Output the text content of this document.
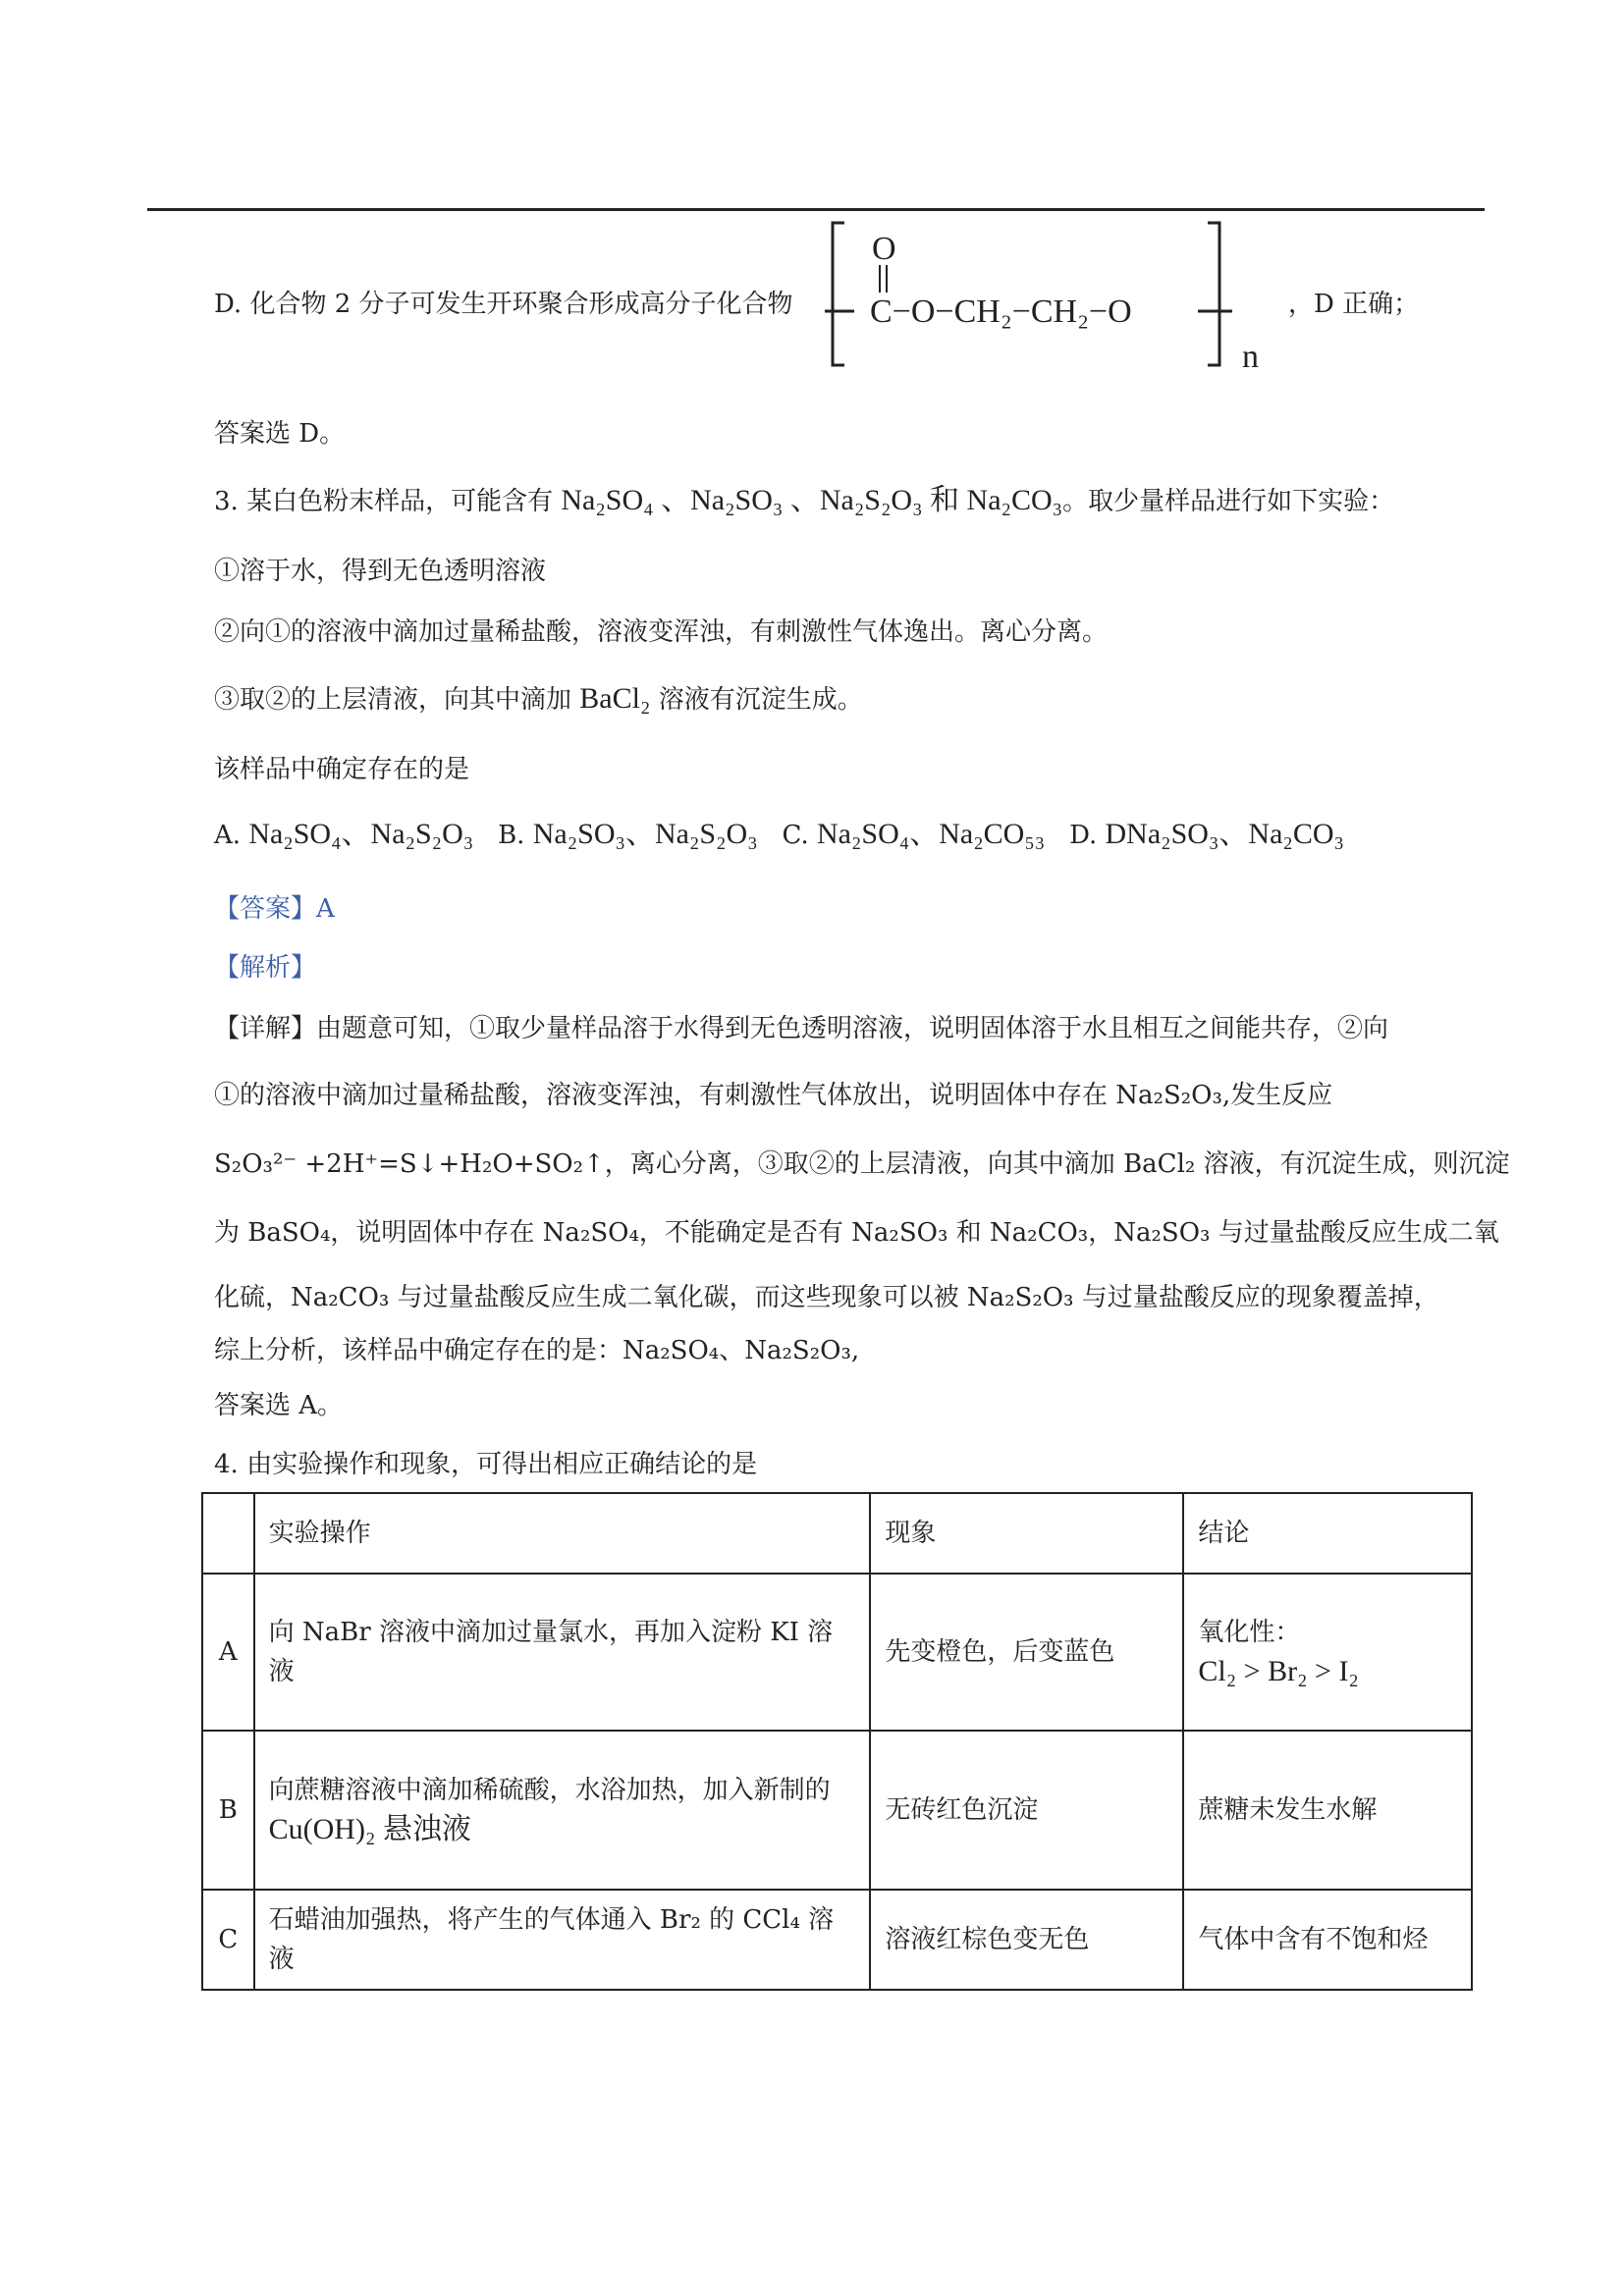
D. 化合物 2 分子可发生开环聚合形成高分子化合物
O
C−O−CH₂−CH₂−O
n
，D 正确；
答案选 D。
3. 某白色粉末样品，可能含有 Na₂SO₄ 、Na₂SO₃ 、Na₂S₂O₃ 和 Na₂CO₃。取少量样品进行如下实验：
①溶于水，得到无色透明溶液
②向①的溶液中滴加过量稀盐酸，溶液变浑浊，有刺激性气体逸出。离心分离。
③取②的上层清液，向其中滴加 BaCl₂ 溶液有沉淀生成。
该样品中确定存在的是
A. Na₂SO₄、Na₂S₂O₃ B. Na₂SO₃、Na₂S₂O₃ C. Na₂SO₄、Na₂CO₅₃ D. DNa₂SO₃、Na₂CO₃
【答案】A
【解析】
【详解】由题意可知，①取少量样品溶于水得到无色透明溶液，说明固体溶于水且相互之间能共存，②向
①的溶液中滴加过量稀盐酸，溶液变浑浊，有刺激性气体放出，说明固体中存在 Na₂S₂O₃,发生反应
S₂O₃²⁻ +2H⁺=S↓+H₂O+SO₂↑，离心分离，③取②的上层清液，向其中滴加 BaCl₂ 溶液，有沉淀生成，则沉淀
为 BaSO₄，说明固体中存在 Na₂SO₄，不能确定是否有 Na₂SO₃ 和 Na₂CO₃，Na₂SO₃ 与过量盐酸反应生成二氧
化硫，Na₂CO₃ 与过量盐酸反应生成二氧化碳，而这些现象可以被 Na₂S₂O₃ 与过量盐酸反应的现象覆盖掉，
综上分析，该样品中确定存在的是：Na₂SO₄、Na₂S₂O₃,
答案选 A。
4. 由实验操作和现象，可得出相应正确结论的是
	实验操作	现象	结论
A	向 NaBr 溶液中滴加过量氯水，再加入淀粉 KI 溶液	先变橙色，后变蓝色	氧化性：
Cl₂ > Br₂ > I₂

B	向蔗糖溶液中滴加稀硫酸，水浴加热，加入新制的
Cu(OH)₂ 悬浊液	无砖红色沉淀	蔗糖未发生水解
C	石蜡油加强热，将产生的气体通入 Br₂ 的 CCl₄ 溶液	溶液红棕色变无色	气体中含有不饱和烃
